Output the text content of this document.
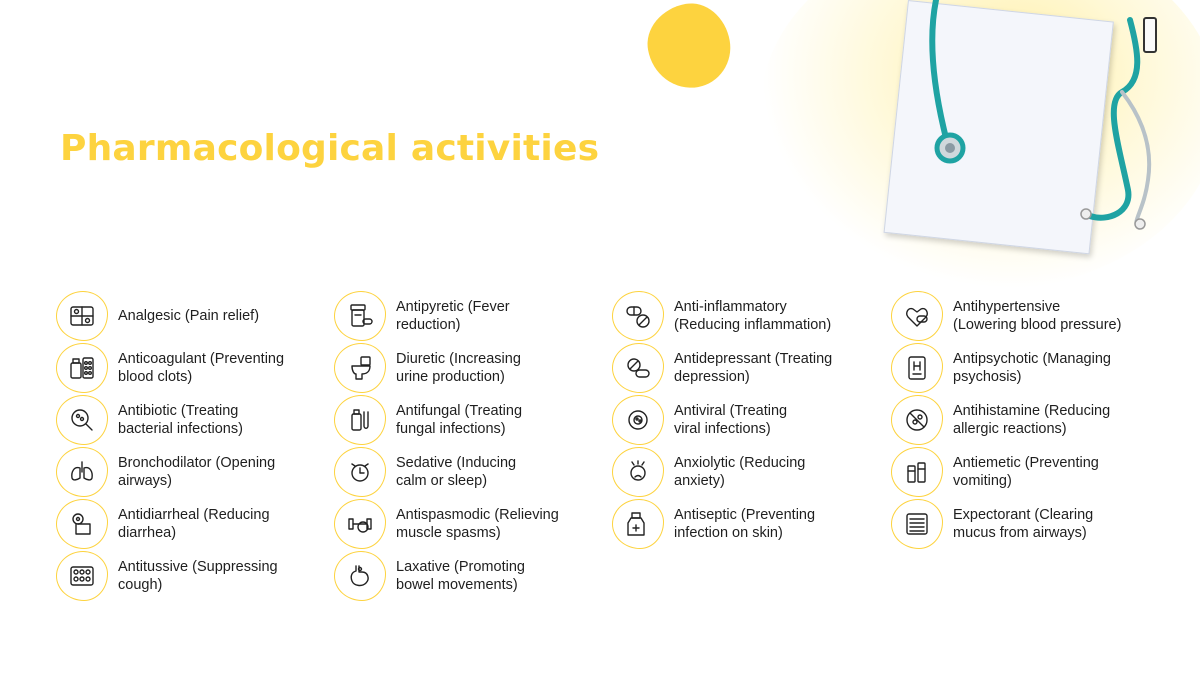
Pharmacological activities
Analgesic (Pain relief)
Anticoagulant (Preventing
blood clots)
Antibiotic (Treating
bacterial infections)
Bronchodilator (Opening
airways)
Antidiarrheal (Reducing
diarrhea)
Antitussive (Suppressing
cough)
Antipyretic (Fever
reduction)
Diuretic (Increasing
urine production)
Antifungal (Treating
fungal infections)
Sedative (Inducing
calm or sleep)
Antispasmodic (Relieving
muscle spasms)
Laxative (Promoting
bowel movements)
Anti-inflammatory
(Reducing inflammation)
Antidepressant (Treating
depression)
Antiviral (Treating
viral infections)
Anxiolytic (Reducing
anxiety)
Antiseptic (Preventing
infection on skin)
Antihypertensive
(Lowering blood pressure)
Antipsychotic (Managing
psychosis)
Antihistamine (Reducing
allergic reactions)
Antiemetic (Preventing
vomiting)
Expectorant (Clearing
mucus from airways)
